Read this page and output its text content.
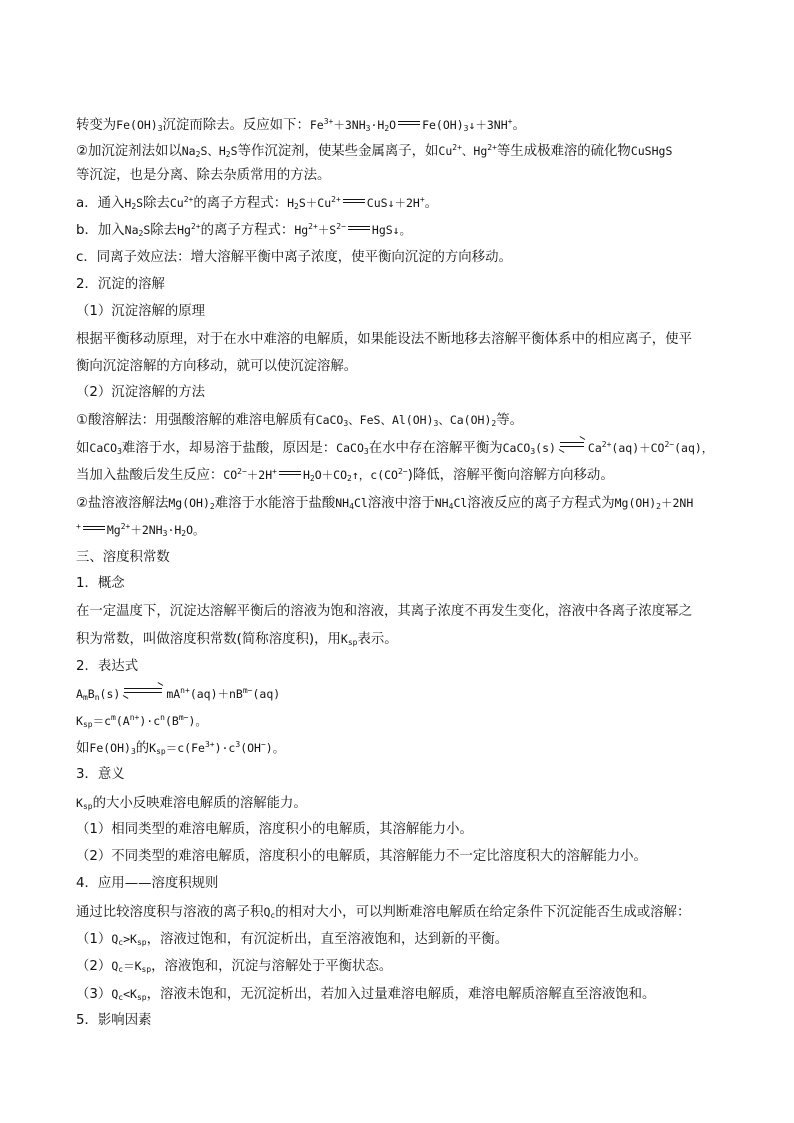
转变为$Fe(OH)_3$沉淀而除去。反应如下：$Fe^{3+}+3NH_3\cdot H_2O$ $Fe(OH)_3↓+3NH^+$。
②加沉淀剂法如以$Na_2S$、$H_2S$等作沉淀剂，使某些金属离子，如$Cu^{2+}$、$Hg^{2+}$等生成极难溶的硫化物CuSHgS
等沉淀，也是分离、除去杂质常用的方法。
a．通入$H_2S$除去$Cu^{2+}$的离子方程式：$H_2S+Cu^{2+}$ CuS↓＋2H+。
b．加入$Na_2S$除去$Hg^{2+}$的离子方程式：$Hg^{2+}+S^{2-}$ HgS↓。
c．同离子效应法：增大溶解平衡中离子浓度，使平衡向沉淀的方向移动。
2．沉淀的溶解
（1）沉淀溶解的原理
根据平衡移动原理，对于在水中难溶的电解质，如果能设法不断地移去溶解平衡体系中的相应离子，使平
衡向沉淀溶解的方向移动，就可以使沉淀溶解。
（2）沉淀溶解的方法
①酸溶解法：用强酸溶解的难溶电解质有CaCO$_3$、FeS、$Al(OH)_3$、$Ca(OH)_2$等。
如CaCO$_3$难溶于水，却易溶于盐酸，原因是：CaCO$_3$在水中存在溶解平衡为CaCO$_3$(s)	$Ca^{2+}(aq)+CO^{2-}(aq)$，
当加入盐酸后发生反应：$CO^{2-}+2H^+$ $H_2O+CO_2↑$，$c(CO^{2-})$降低，溶解平衡向溶解方向移动。
②盐溶液溶解法$Mg(OH)_2$难溶于水能溶于盐酸$NH_4Cl$溶液中溶于$NH_4Cl$溶液反应的离子方程式为$Mg(OH)_2+2NH$
+ $Mg^{2+}+2NH_3\cdot H_2O$。
三、溶度积常数
1．概念
在一定温度下，沉淀达溶解平衡后的溶液为饱和溶液，其离子浓度不再发生变化，溶液中各离子浓度幂之
积为常数，叫做溶度积常数(简称溶度积)，用$K_{sp}$表示。
2．表达式
$A_mB_n(s)$	$mA^{n+}(aq)+nB^{m-}(aq)$
$K_{sp}=c^m(A^{n+})\cdot c^n(B^{m-})$。
如$Fe(OH)_3$的$K_{sp}=c(Fe^{3+})\cdot c^3(OH^-)$。
3．意义
$K_{sp}$的大小反映难溶电解质的溶解能力。
（1）相同类型的难溶电解质，溶度积小的电解质，其溶解能力小。
（2）不同类型的难溶电解质，溶度积小的电解质，其溶解能力不一定比溶度积大的溶解能力小。
4．应用——溶度积规则
通过比较溶度积与溶液的离子积$Q_c$的相对大小，可以判断难溶电解质在给定条件下沉淀能否生成或溶解：
$(1)Q_c>K_{sp}$，溶液过饱和，有沉淀析出，直至溶液饱和，达到新的平衡。
$(2)Q_c=K_{sp}$，溶液饱和，沉淀与溶解处于平衡状态。
$(3)Q_c<K_{sp}$，溶液未饱和，无沉淀析出，若加入过量难溶电解质，难溶电解质溶解直至溶液饱和。
5．影响因素
